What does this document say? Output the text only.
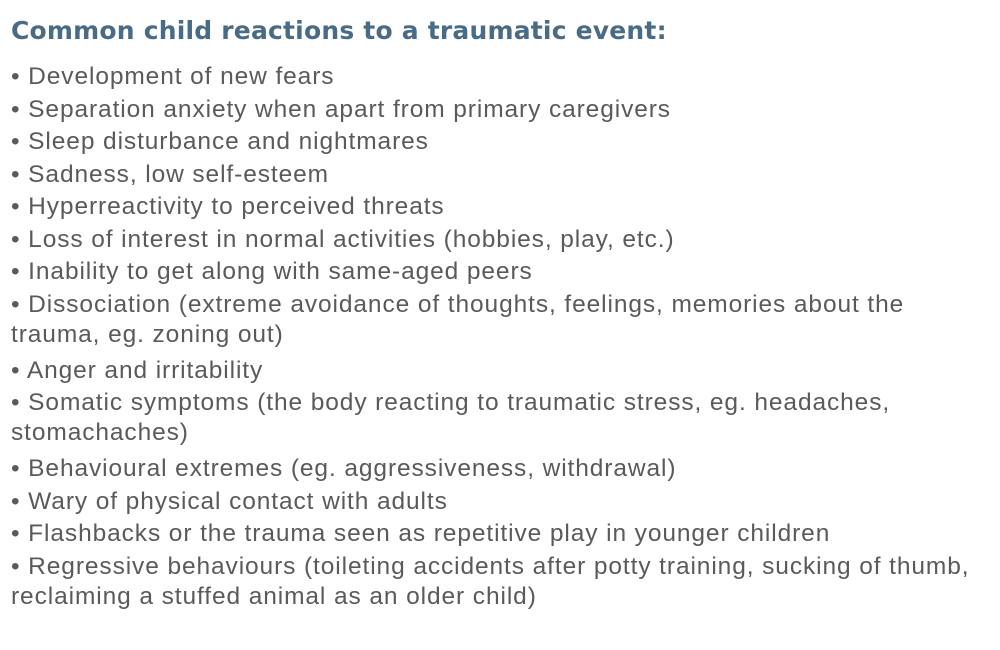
Common child reactions to a traumatic event:
• Development of new fears
• Separation anxiety when apart from primary caregivers
• Sleep disturbance and nightmares
• Sadness, low self-esteem
• Hyperreactivity to perceived threats
• Loss of interest in normal activities (hobbies, play, etc.)
• Inability to get along with same-aged peers
• Dissociation (extreme avoidance of thoughts, feelings, memories about the trauma, eg. zoning out)
• Anger and irritability
• Somatic symptoms (the body reacting to traumatic stress, eg. headaches, stomachaches)
• Behavioural extremes (eg. aggressiveness, withdrawal)
• Wary of physical contact with adults
• Flashbacks or the trauma seen as repetitive play in younger children
• Regressive behaviours (toileting accidents after potty training, sucking of thumb, reclaiming a stuffed animal as an older child)
